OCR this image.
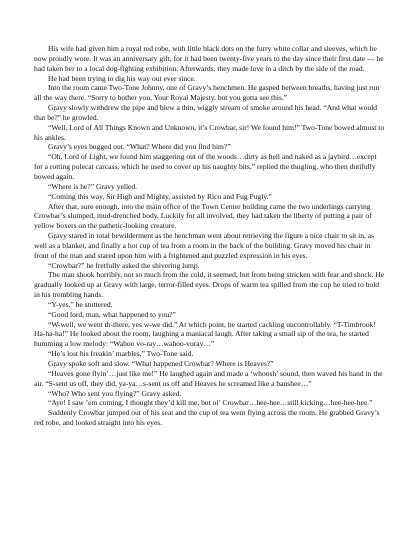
His wife had given him a royal red robe, with little black dots on the furry white collar and sleeves, which he now proudly wore. It was an anniversary gift, for it had been twenty-five years to the day since their first date — he had taken her to a local dog-fighting exhibition. Afterwards, they made love in a ditch by the side of the road.

He had been trying to dig his way out ever since.

Into the room came Two-Tone Johnny, one of Gravy’s henchmen. He gasped between breaths, having just run all the way there. “Sorry to bother you, Your Royal Majesty, but you gotta see this.”

Gravy slowly withdrew the pipe and blew a thin, wiggly stream of smoke around his head. “And what would that be?” he growled.

“Well, Lord of All Things Known and Unknown, it’s Crowbar, sir! We found him!” Two-Tone bowed almost to his ankles.

Gravy’s eyes bugged out. “What? Where did you find him?”

“Oh, Lord of Light, we found him staggering out of the woods…dirty as hell and naked as a jaybird…except for a rotting polecat carcass, which he used to cover up his naughty bits,” replied the thugling, who then dutifully bowed again.

“Where is he?” Gravy yelled.

“Coming this way, Sir High and Mighty, assisted by Rico and Fug Pugly.”

After that, sure enough, into the main office of the Town Center building came the two underlings carrying Crowbar’s slumped, mud-drenched body. Luckily for all involved, they had taken the liberty of putting a pair of yellow boxers on the pathetic-looking creature.

Gravy stared in total bewilderment as the henchman went about retrieving the figure a nice chair to sit in, as well as a blanket, and finally a hot cup of tea from a room in the back of the building. Gravy moved his chair in front of the man and stared upon him with a frightened and puzzled expression in his eyes.

“Crowbar?” he fretfully asked the shivering lump.

The man shook horribly, not so much from the cold, it seemed, but from being stricken with fear and shock. He gradually looked up at Gravy with large, terror-filled eyes. Drops of warm tea spilled from the cup he tried to hold in his trembling hands.

“Y-yes,” he stuttered.

“Good lord, man, what happened to you?”

“W-well, we went th-there, yes w-we did.” At which point, he started cackling uncontrollably. “T-Timbrook! Ha-ha-ha!” He looked about the room, laughing a maniacal laugh. After taking a small sip of the tea, he started humming a low melody: “Wahoo vo-ray…wahoo-voray…”

“He’s lost his freakin’ marbles,” Two-Tone said.

Gravy spoke soft and slow. “What happened Crowbar? Where is Heaves?”

“Heaves gone flyin’…just like me!” He laughed again and made a ‘whoosh’ sound, then waved his hand in the air. “S-sent us off, they did, ya-ya…s-sent us off and Heaves he screamed like a banshee…”

“Who? Who sent you flying?” Gravy asked.

“Aye! I saw ’em coming, I thought they’d kill me, but ol’ Crowbar…hee-hee…still kicking…hee-hee-hee.”

Suddenly Crowbar jumped out of his seat and the cup of tea went flying across the room. He grabbed Gravy’s red robe, and looked straight into his eyes.
